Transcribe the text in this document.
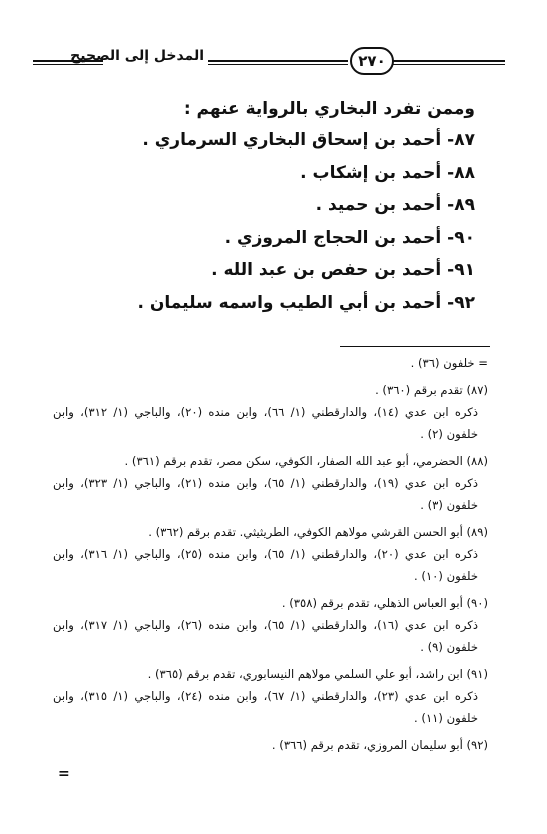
٢٧٠
المدخل إلى الصحيح

وممن تفرد البخاري بالرواية عنهم :

٨٧- أحمد بن إسحاق البخاري السرماري .
٨٨- أحمد بن إشكاب .
٨٩- أحمد بن حميد .
٩٠- أحمد بن الحجاج المروزي .
٩١- أحمد بن حفص بن عبد الله .
٩٢- أحمد بن أبي الطيب واسمه سليمان .

= خلفون (٣٦) .

(٨٧) تقدم برقم (٣٦٠) .

ذكره ابن عدي (١٤)، والدارقطني (١/ ٦٦)، وابن منده (٢٠)، والباجي (١/ ٣١٢)، وابن خلفون (٢) .

(٨٨) الحضرمي، أبو عبد الله الصفار، الكوفي، سكن مصر، تقدم برقم (٣٦١) .

ذكره ابن عدي (١٩)، والدارقطني (١/ ٦٥)، وابن منده (٢١)، والباجي (١/ ٣٢٣)، وابن خلفون (٣) .

(٨٩) أبو الحسن القرشي مولاهم الكوفي، الطريثيثي. تقدم برقم (٣٦٢) .

ذكره ابن عدي (٢٠)، والدارقطني (١/ ٦٥)، وابن منده (٢٥)، والباجي (١/ ٣١٦)، وابن خلفون (١٠) .

(٩٠) أبو العباس الذهلي، تقدم برقم (٣٥٨) .

ذكره ابن عدي (١٦)، والدارقطني (١/ ٦٥)، وابن منده (٢٦)، والباجي (١/ ٣١٧)، وابن خلفون (٩) .

(٩١) ابن راشد، أبو علي السلمي مولاهم النيسابوري، تقدم برقم (٣٦٥) .

ذكره ابن عدي (٢٣)، والدارقطني (١/ ٦٧)، وابن منده (٢٤)، والباجي (١/ ٣١٥)، وابن خلفون (١١) .

(٩٢) أبو سليمان المروزي، تقدم برقم (٣٦٦) .

=
